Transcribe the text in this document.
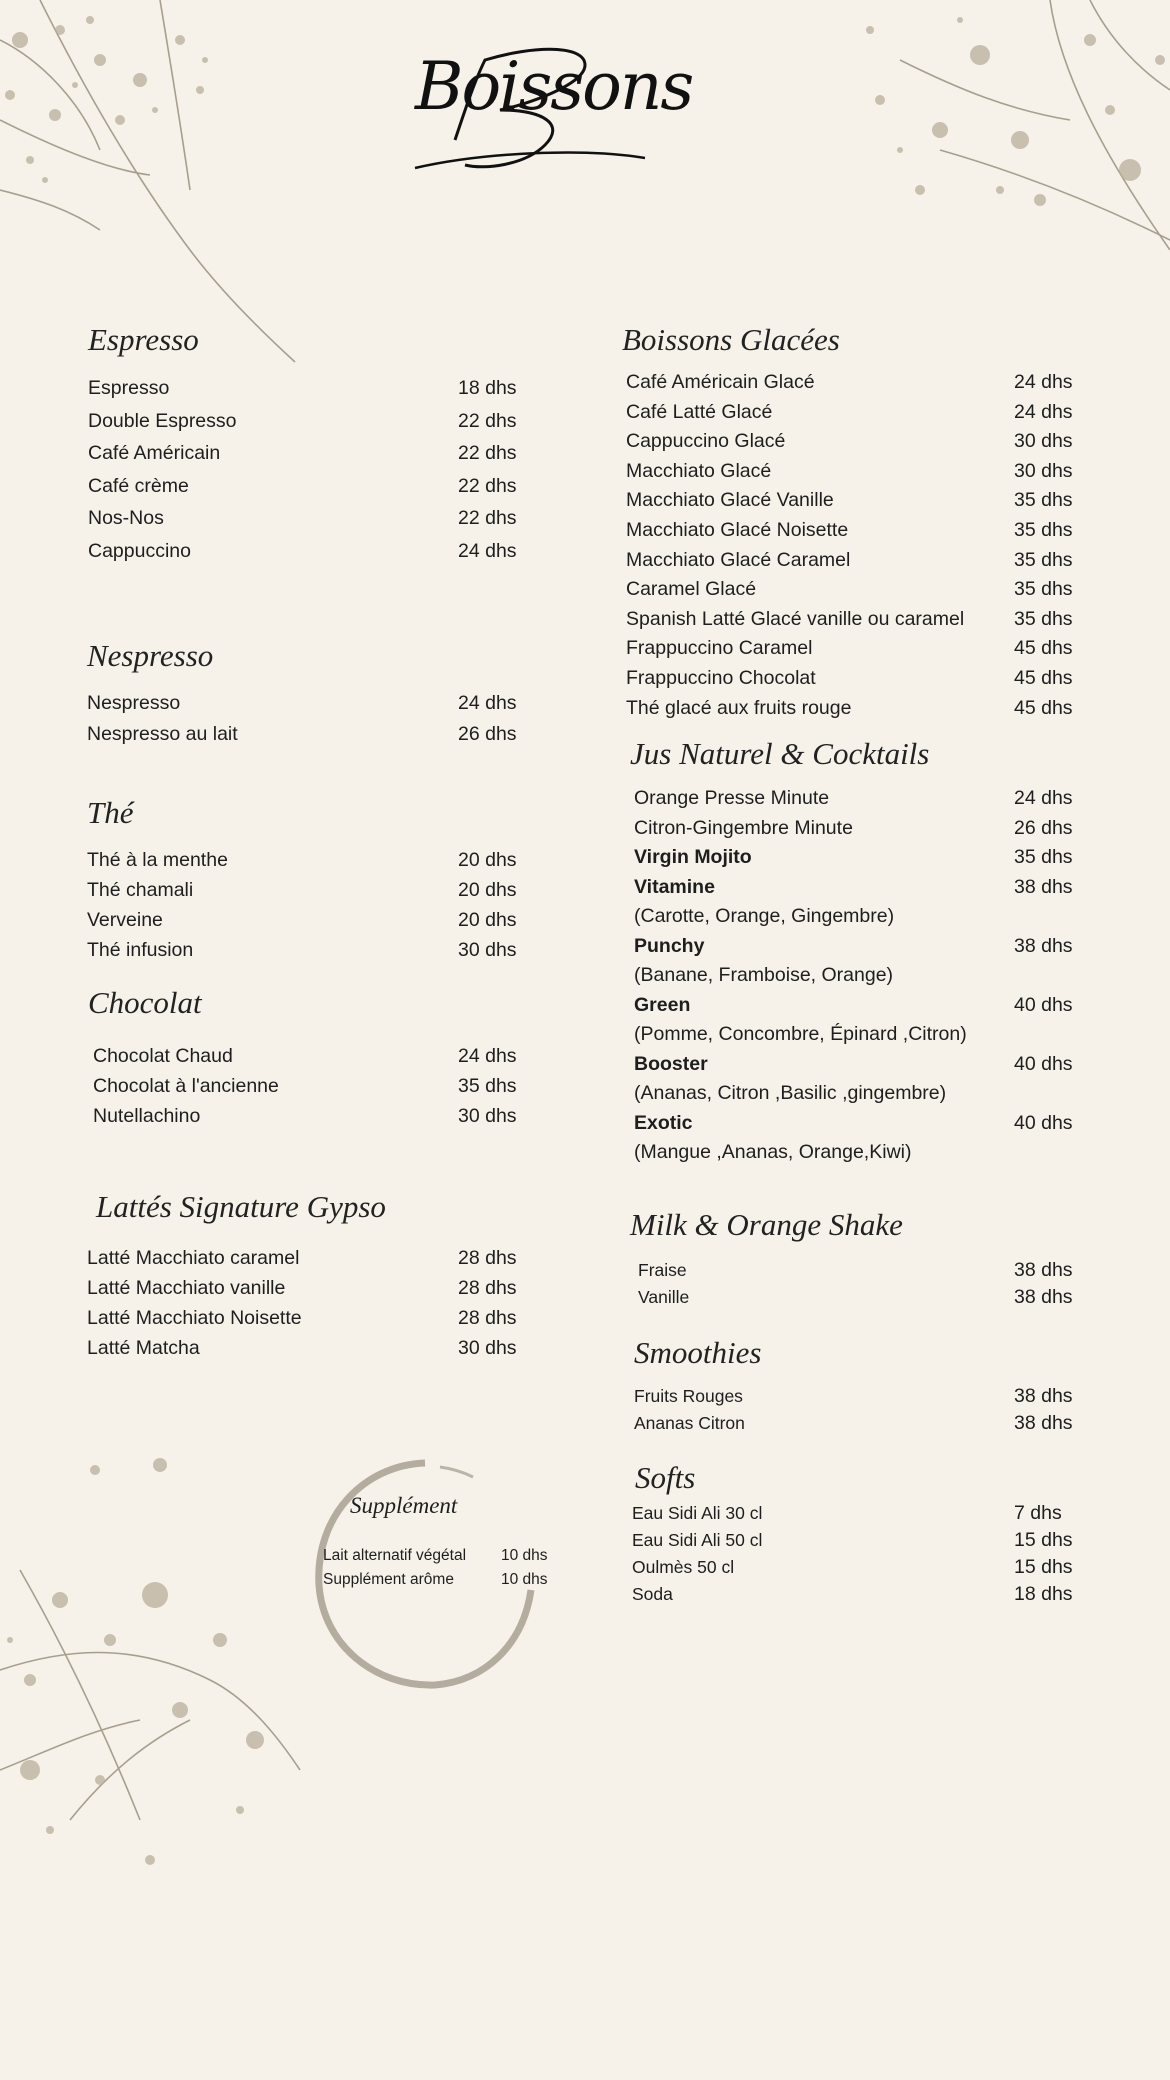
Boissons
Espresso
Espresso	18 dhs
Double Espresso	22 dhs
Café Américain	22 dhs
Café crème	22 dhs
Nos-Nos	22 dhs
Cappuccino	24 dhs
Nespresso
Nespresso	24 dhs
Nespresso au lait	26 dhs
Thé
Thé à la menthe	20 dhs
Thé chamali	20 dhs
Verveine	20 dhs
Thé infusion	30 dhs
Chocolat
Chocolat Chaud	24 dhs
Chocolat à l'ancienne	35 dhs
Nutellachino	30 dhs
Lattés Signature Gypso
Latté Macchiato caramel	28 dhs
Latté Macchiato vanille	28 dhs
Latté Macchiato Noisette	28 dhs
Latté Matcha	30 dhs
Supplément
Lait alternatif végétal 10 dhs
Supplément arôme	10 dhs
Boissons Glacées
Café Américain Glacé	24 dhs
Café Latté Glacé	24 dhs
Cappuccino Glacé	30 dhs
Macchiato Glacé	30 dhs
Macchiato Glacé Vanille	35 dhs
Macchiato Glacé Noisette	35 dhs
Macchiato Glacé Caramel	35 dhs
Caramel Glacé	35 dhs
Spanish Latté Glacé vanille ou caramel	35 dhs
Frappuccino Caramel	45 dhs
Frappuccino Chocolat	45 dhs
Thé glacé aux fruits rouge	45 dhs
Jus Naturel & Cocktails
Orange Presse Minute	24 dhs
Citron-Gingembre Minute	26 dhs
Virgin Mojito	35 dhs
Vitamine	38 dhs
(Carotte, Orange, Gingembre)
Punchy	38 dhs
(Banane, Framboise, Orange)
Green	40 dhs
(Pomme, Concombre, Épinard ,Citron)
Booster	40 dhs
(Ananas, Citron ,Basilic ,gingembre)
Exotic	40 dhs
(Mangue ,Ananas, Orange,Kiwi)
Milk & Orange Shake
Fraise	38 dhs
Vanille	38 dhs
Smoothies
Fruits Rouges	38 dhs
Ananas Citron	38 dhs
Softs
Eau Sidi Ali 30 cl	7 dhs
Eau Sidi Ali 50 cl	15 dhs
Oulmès 50 cl	15 dhs
Soda	18 dhs
